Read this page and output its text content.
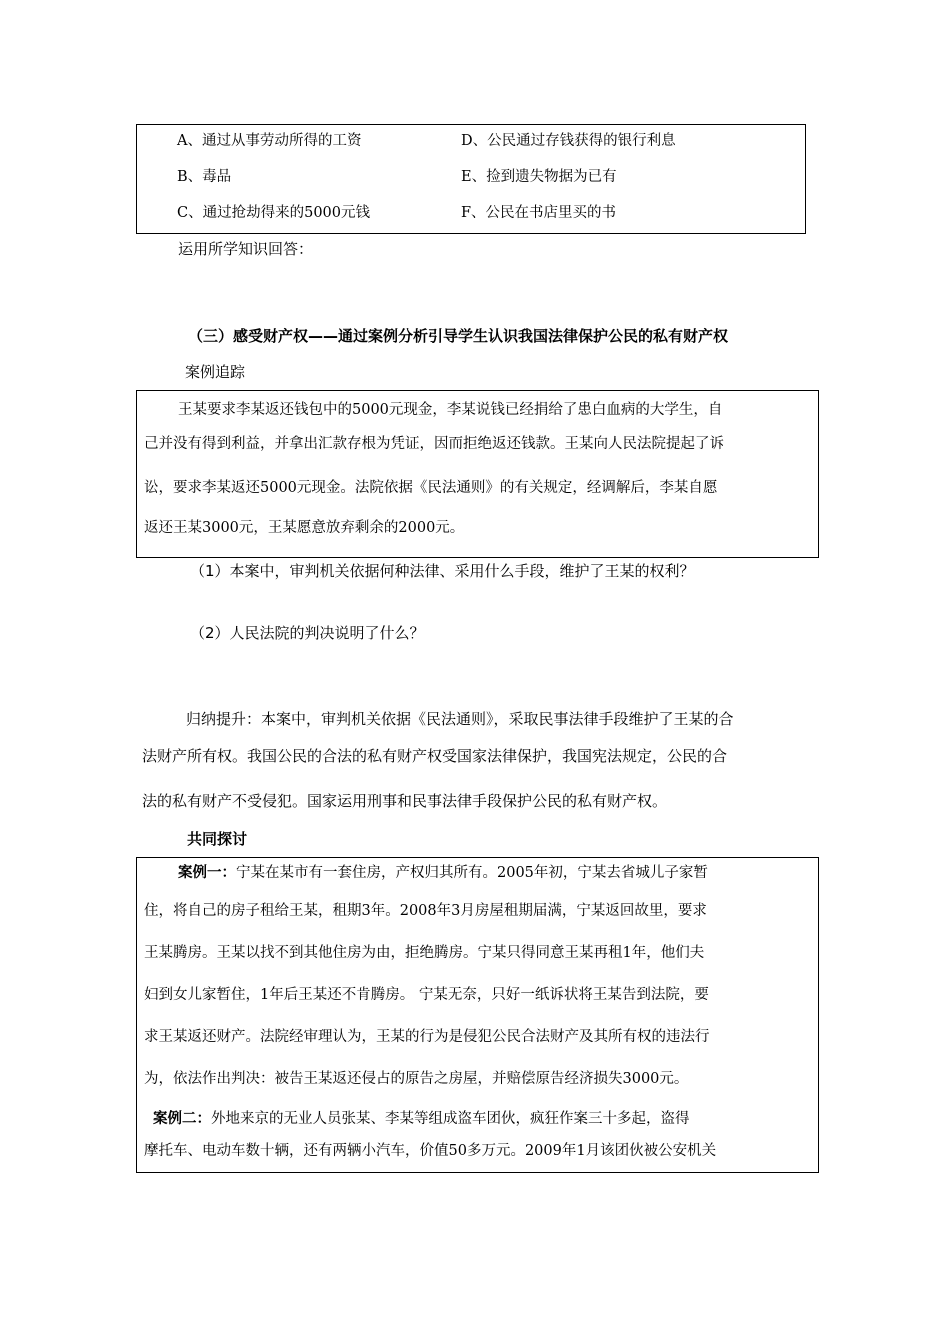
A、通过从事劳动所得的工资	D、公民通过存钱获得的银行利息
B、毒品	E、捡到遗失物据为已有
C、通过抢劫得来的5000元钱	F、公民在书店里买的书
运用所学知识回答：
（三）感受财产权——通过案例分析引导学生认识我国法律保护公民的私有财产权
案例追踪
王某要求李某返还钱包中的5000元现金，李某说钱已经捐给了患白血病的大学生，自
己并没有得到利益，并拿出汇款存根为凭证，因而拒绝返还钱款。王某向人民法院提起了诉
讼，要求李某返还5000元现金。法院依据《民法通则》的有关规定，经调解后，李某自愿
返还王某3000元，王某愿意放弃剩余的2000元。
（1）本案中，审判机关依据何种法律、采用什么手段，维护了王某的权利？
（2）人民法院的判决说明了什么？
归纳提升：本案中，审判机关依据《民法通则》，采取民事法律手段维护了王某的合
法财产所有权。我国公民的合法的私有财产权受国家法律保护，我国宪法规定，公民的合
法的私有财产不受侵犯。国家运用刑事和民事法律手段保护公民的私有财产权。
共同探讨
案例一：宁某在某市有一套住房，产权归其所有。2005年初，宁某去省城儿子家暂
住，将自己的房子租给王某，租期3年。2008年3月房屋租期届满，宁某返回故里，要求
王某腾房。王某以找不到其他住房为由，拒绝腾房。宁某只得同意王某再租1年，他们夫
妇到女儿家暂住，1年后王某还不肯腾房。 宁某无奈，只好一纸诉状将王某告到法院，要
求王某返还财产。法院经审理认为，王某的行为是侵犯公民合法财产及其所有权的违法行
为，依法作出判决：被告王某返还侵占的原告之房屋，并赔偿原告经济损失3000元。
案例二：外地来京的无业人员张某、李某等组成盗车团伙，疯狂作案三十多起，盗得
摩托车、电动车数十辆，还有两辆小汽车，价值50多万元。2009年1月该团伙被公安机关
